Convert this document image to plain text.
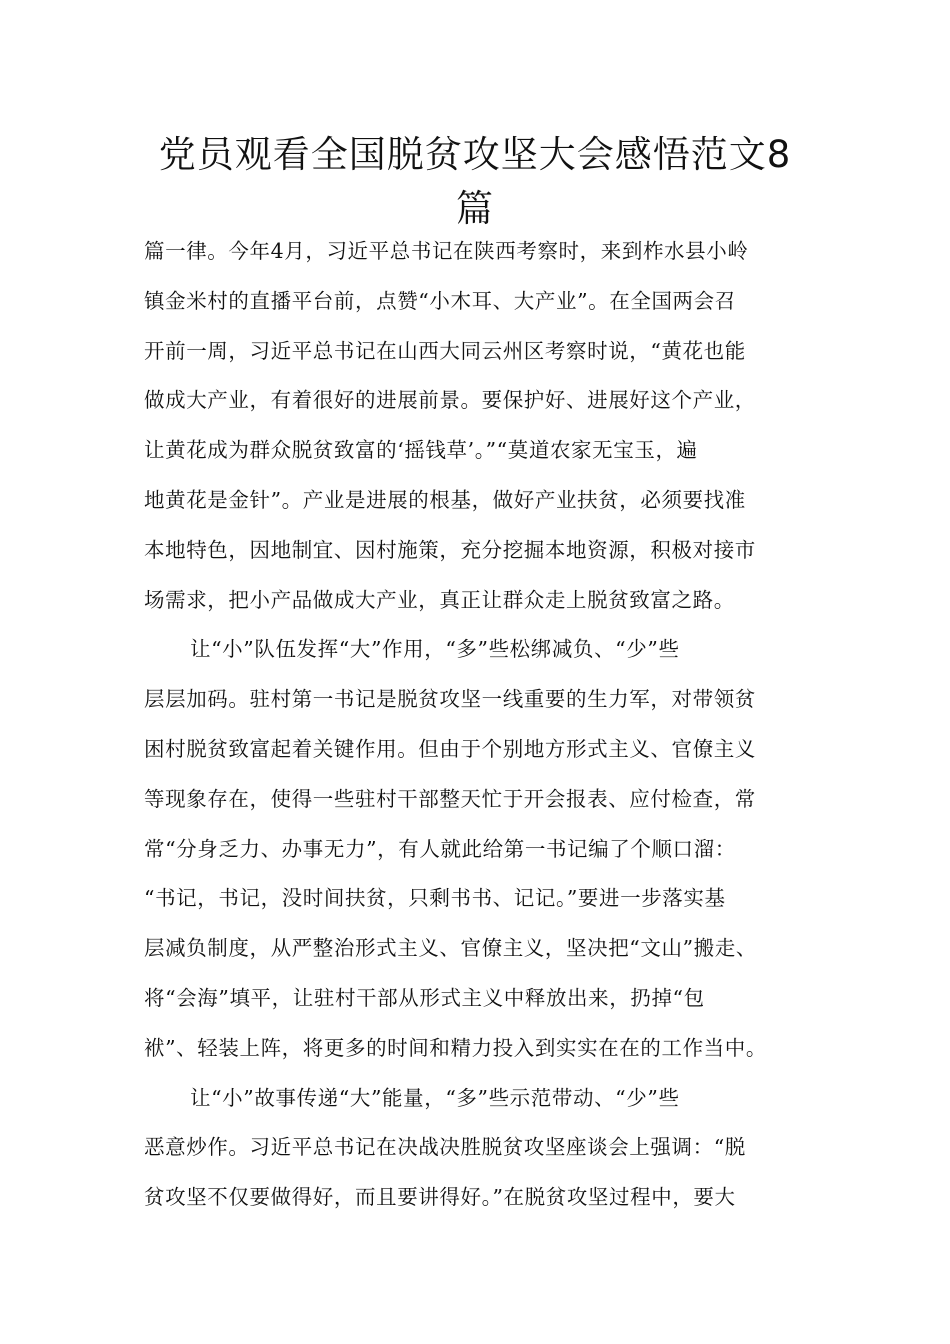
党员观看全国脱贫攻坚大会感悟范文8
篇
篇一律。今年4月，习近平总书记在陕西考察时，来到柞水县小岭
镇金米村的直播平台前，点赞“小木耳、大产业”。在全国两会召
开前一周，习近平总书记在山西大同云州区考察时说，“黄花也能
做成大产业，有着很好的进展前景。要保护好、进展好这个产业，
让黄花成为群众脱贫致富的‘摇钱草’。”“莫道农家无宝玉，遍
地黄花是金针”。产业是进展的根基，做好产业扶贫，必须要找准
本地特色，因地制宜、因村施策，充分挖掘本地资源，积极对接市
场需求，把小产品做成大产业，真正让群众走上脱贫致富之路。
让“小”队伍发挥“大”作用，“多”些松绑减负、“少”些
层层加码。驻村第一书记是脱贫攻坚一线重要的生力军，对带领贫
困村脱贫致富起着关键作用。但由于个别地方形式主义、官僚主义
等现象存在，使得一些驻村干部整天忙于开会报表、应付检查，常
常“分身乏力、办事无力”，有人就此给第一书记编了个顺口溜：
“书记，书记，没时间扶贫，只剩书书、记记。”要进一步落实基
层减负制度，从严整治形式主义、官僚主义，坚决把“文山”搬走、
将“会海”填平，让驻村干部从形式主义中释放出来，扔掉“包
袱”、轻装上阵，将更多的时间和精力投入到实实在在的工作当中。
让“小”故事传递“大”能量，“多”些示范带动、“少”些
恶意炒作。习近平总书记在决战决胜脱贫攻坚座谈会上强调：“脱
贫攻坚不仅要做得好，而且要讲得好。”在脱贫攻坚过程中，要大
